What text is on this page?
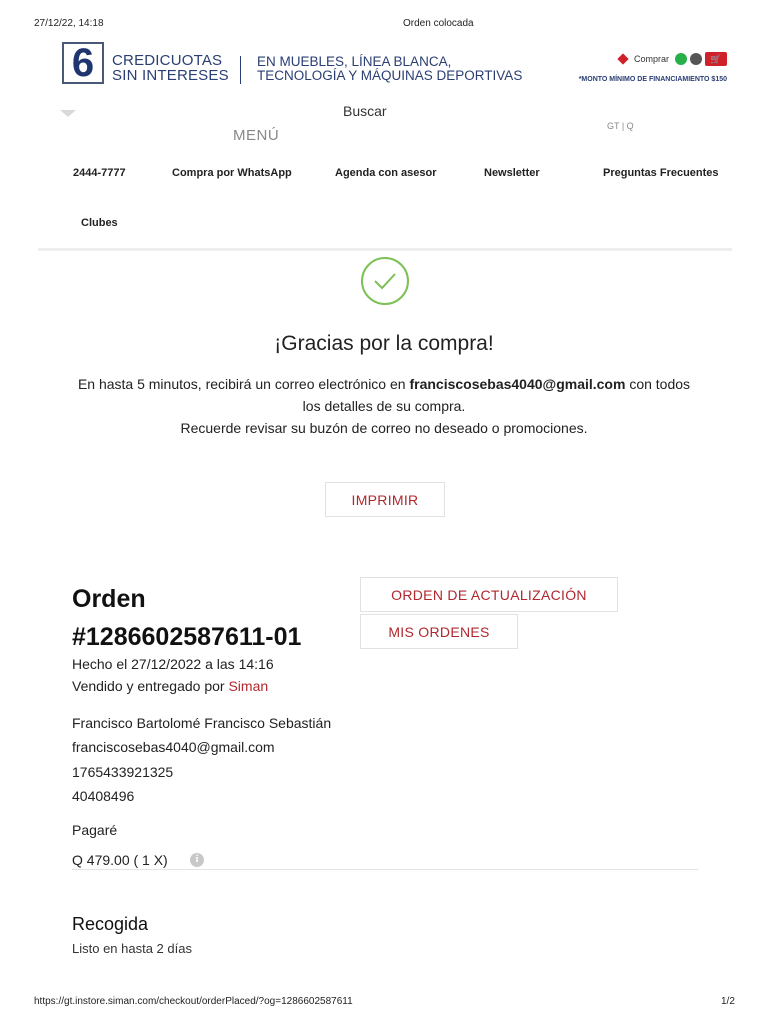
27/12/22, 14:18	Orden colocada
6	CREDICUOTAS
SIN INTERESES
EN MUEBLES, LÍNEA BLANCA,
TECNOLOGÍA Y MÁQUINAS DEPORTIVAS
Comprar	🛒
*MONTO MÍNIMO DE FINANCIAMIENTO $150
Buscar
MENÚ
GT | Q
2444-7777	Compra por WhatsApp	Agenda con asesor	Newsletter	Preguntas Frecuentes
Clubes
¡Gracias por la compra!
En hasta 5 minutos, recibirá un correo electrónico en franciscosebas4040@gmail.com con todos
los detalles de su compra.
Recuerde revisar su buzón de correo no deseado o promociones.
IMPRIMIR
Orden
#1286602587611-01
ORDEN DE ACTUALIZACIÓN
MIS ORDENES
Hecho el 27/12/2022 a las 14:16
Vendido y entregado por Siman
Francisco Bartolomé Francisco Sebastián
franciscosebas4040@gmail.com
1765433921325
40408496
Pagaré
Q 479.00 ( 1 X)	i
Recogida
Listo en hasta 2 días
https://gt.instore.siman.com/checkout/orderPlaced/?og=1286602587611	1/2
